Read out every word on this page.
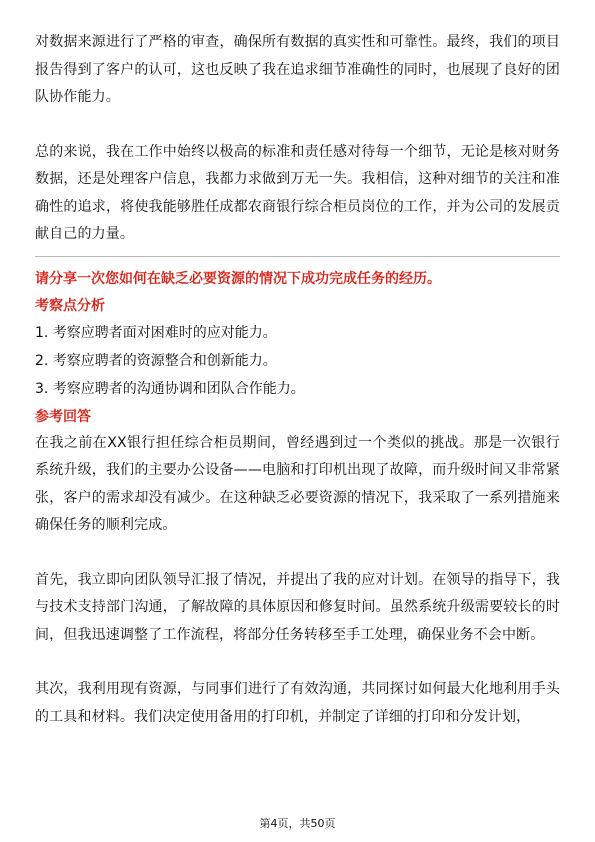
对数据来源进行了严格的审查，确保所有数据的真实性和可靠性。最终，我们的项目报告得到了客户的认可，这也反映了我在追求细节准确性的同时，也展现了良好的团队协作能力。

总的来说，我在工作中始终以极高的标准和责任感对待每一个细节，无论是核对财务数据，还是处理客户信息，我都力求做到万无一失。我相信，这种对细节的关注和准确性的追求，将使我能够胜任成都农商银行综合柜员岗位的工作，并为公司的发展贡献自己的力量。

请分享一次您如何在缺乏必要资源的情况下成功完成任务的经历。

考察点分析

1. 考察应聘者面对困难时的应对能力。

2. 考察应聘者的资源整合和创新能力。

3. 考察应聘者的沟通协调和团队合作能力。

参考回答

在我之前在XX银行担任综合柜员期间，曾经遇到过一个类似的挑战。那是一次银行系统升级，我们的主要办公设备——电脑和打印机出现了故障，而升级时间又非常紧张，客户的需求却没有减少。在这种缺乏必要资源的情况下，我采取了一系列措施来确保任务的顺利完成。

首先，我立即向团队领导汇报了情况，并提出了我的应对计划。在领导的指导下，我与技术支持部门沟通，了解故障的具体原因和修复时间。虽然系统升级需要较长的时间，但我迅速调整了工作流程，将部分任务转移至手工处理，确保业务不会中断。

其次，我利用现有资源，与同事们进行了有效沟通，共同探讨如何最大化地利用手头的工具和材料。我们决定使用备用的打印机，并制定了详细的打印和分发计划，

第4页，共50页
